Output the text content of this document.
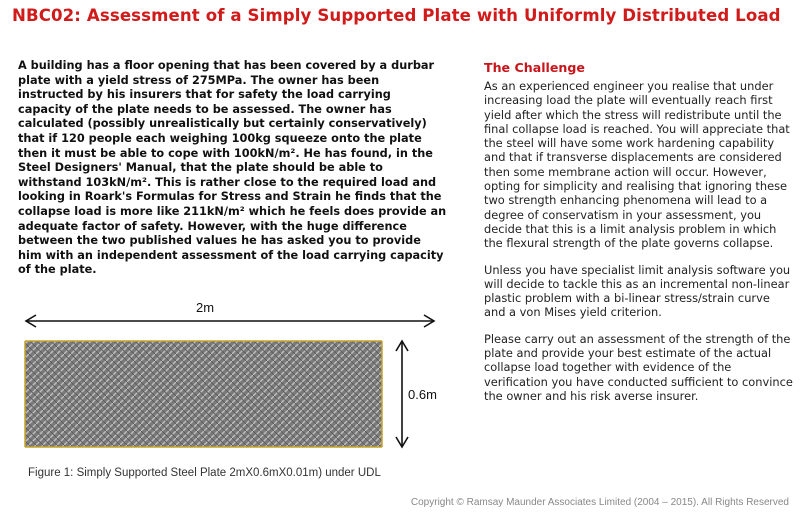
NBC02: Assessment of a Simply Supported Plate with Uniformly Distributed Load
A building has a floor opening that has been covered by a durbar plate with a yield stress of 275MPa. The owner has been instructed by his insurers that for safety the load carrying capacity of the plate needs to be assessed. The owner has calculated (possibly unrealistically but certainly conservatively) that if 120 people each weighing 100kg squeeze onto the plate then it must be able to cope with 100kN/m². He has found, in the Steel Designers' Manual, that the plate should be able to withstand 103kN/m². This is rather close to the required load and looking in Roark's Formulas for Stress and Strain he finds that the collapse load is more like 211kN/m² which he feels does provide an adequate factor of safety. However, with the huge difference between the two published values he has asked you to provide him with an independent assessment of the load carrying capacity of the plate.
The Challenge

As an experienced engineer you realise that under increasing load the plate will eventually reach first yield after which the stress will redistribute until the final collapse load is reached. You will appreciate that the steel will have some work hardening capability and that if transverse displacements are considered then some membrane action will occur. However, opting for simplicity and realising that ignoring these two strength enhancing phenomena will lead to a degree of conservatism in your assessment, you decide that this is a limit analysis problem in which the flexural strength of the plate governs collapse.

Unless you have specialist limit analysis software you will decide to tackle this as an incremental non-linear plastic problem with a bi-linear stress/strain curve and a von Mises yield criterion.

Please carry out an assessment of the strength of the plate and provide your best estimate of the actual collapse load together with evidence of the verification you have conducted sufficient to convince the owner and his risk averse insurer.

2m
0.6m
Figure 1: Simply Supported Steel Plate 2mX0.6mX0.01m) under UDL
Copyright © Ramsay Maunder Associates Limited (2004 – 2015). All Rights Reserved
